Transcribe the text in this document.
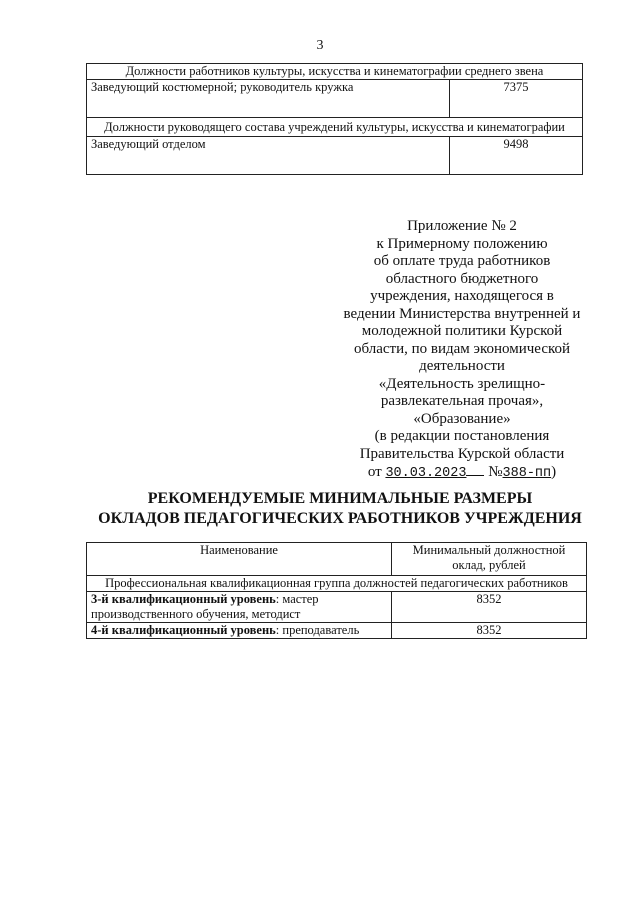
3
Должности работников культуры, искусства и кинематографии среднего звена	
Заведующий костюмерной; руководитель кружка	7375
Должности руководящего состава учреждений культуры, искусства и кинематографии	
Заведующий отделом	9498
Приложение № 2
к Примерному положению
об оплате труда работников
областного бюджетного
учреждения, находящегося в
ведении Министерства внутренней и
молодежной политики Курской
области, по видам экономической
деятельности
«Деятельность зрелищно-
развлекательная прочая»,
«Образование»
(в редакции постановления
Правительства Курской области
от 30.03.2023 №388-пп)
РЕКОМЕНДУЕМЫЕ МИНИМАЛЬНЫЕ РАЗМЕРЫ
ОКЛАДОВ ПЕДАГОГИЧЕСКИХ РАБОТНИКОВ УЧРЕЖДЕНИЯ
Наименование	Минимальный должностной
оклад, рублей

Профессиональная квалификационная группа должностей педагогических работников	
3-й квалификационный уровень: мастер производственного обучения, методист	8352
4-й квалификационный уровень: преподаватель	8352
